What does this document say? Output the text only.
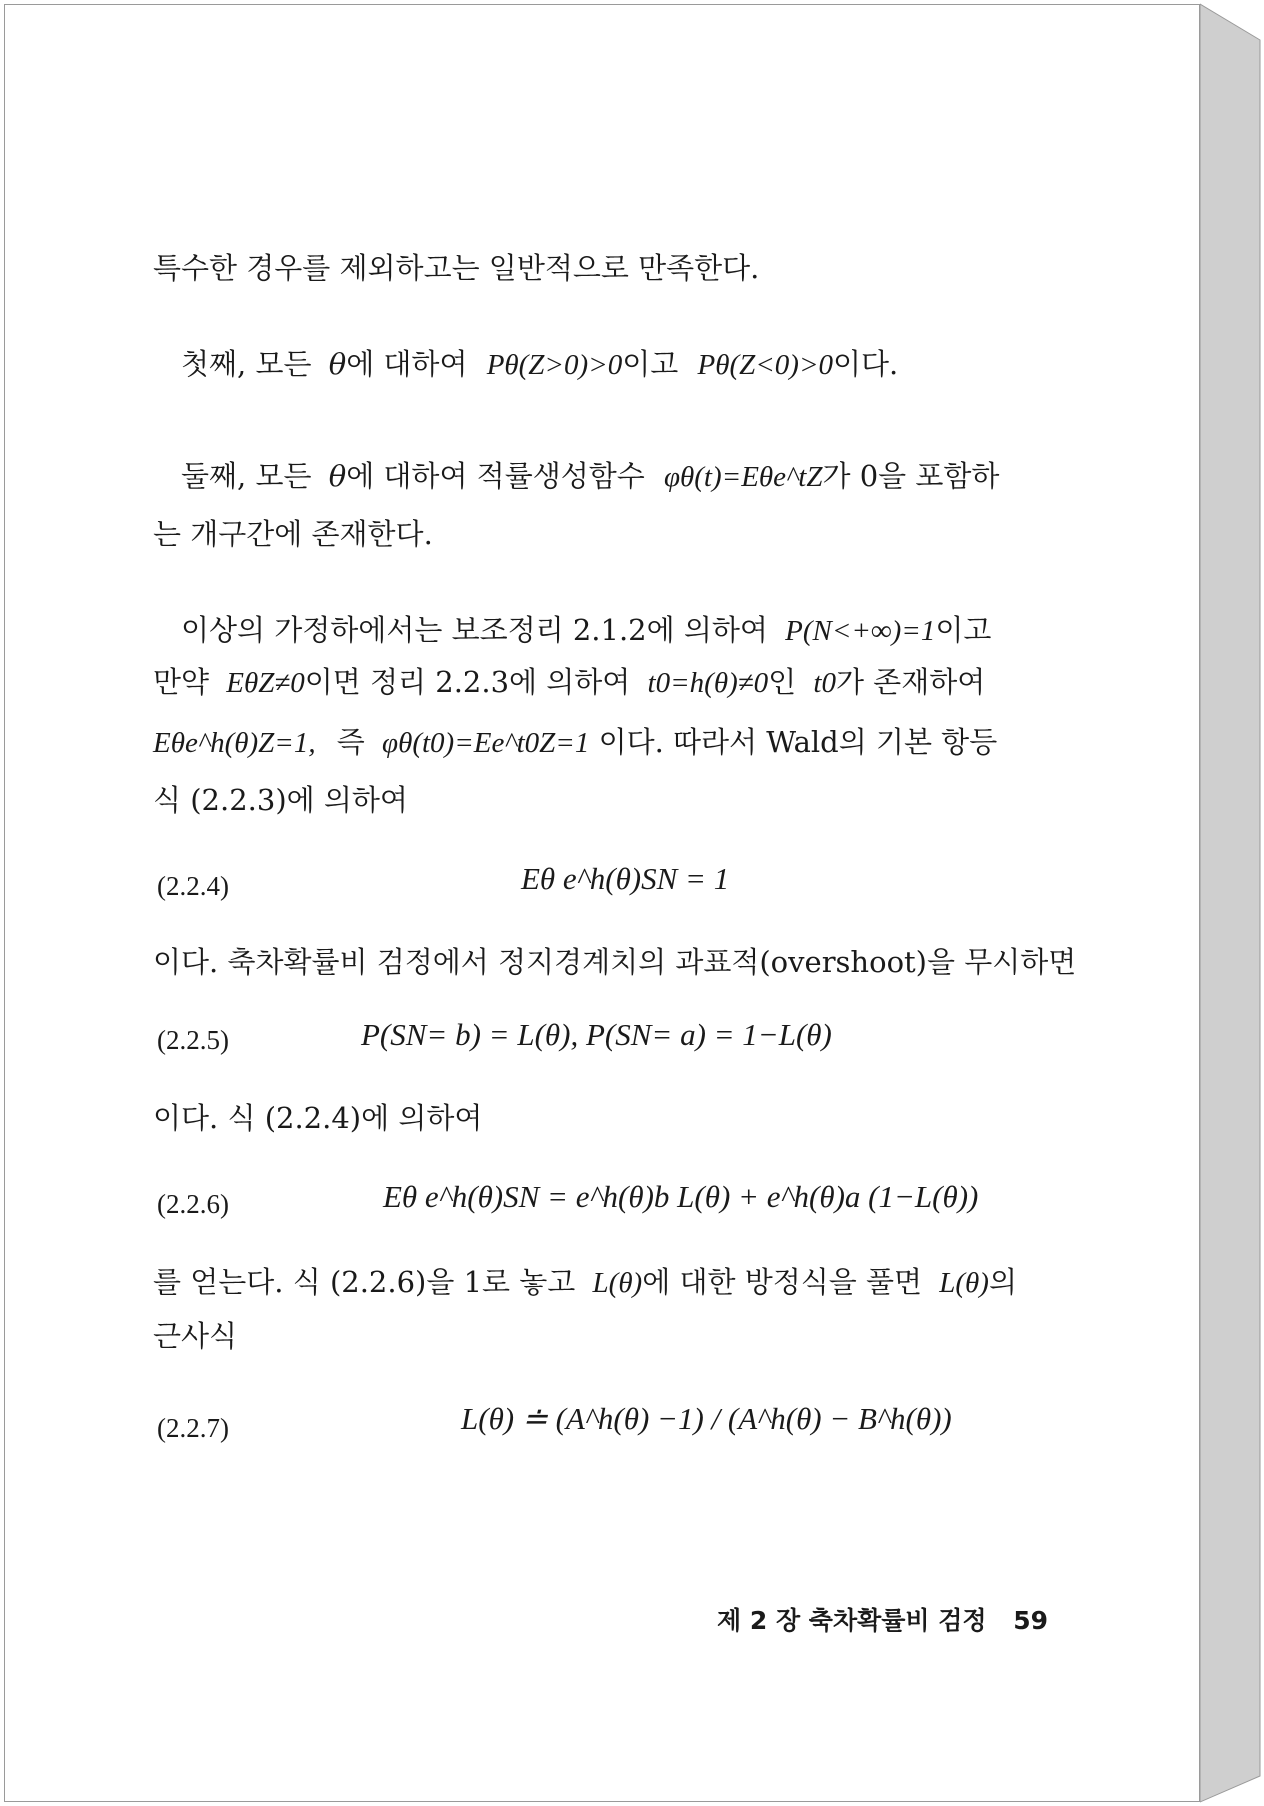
특수한 경우를 제외하고는 일반적으로 만족한다.
첫째, 모든 θ에 대하여 Pθ(Z>0)>0이고 Pθ(Z<0)>0이다.
둘째, 모든 θ에 대하여 적률생성함수 φθ(t)=Eθe^tZ가 0을 포함하
는 개구간에 존재한다.
이상의 가정하에서는 보조정리 2.1.2에 의하여 P(N<+∞)=1이고
만약 EθZ≠0이면 정리 2.2.3에 의하여 t0=h(θ)≠0인 t0가 존재하여
Eθe^h(θ)Z=1, 즉 φθ(t0)=Ee^t0Z=1 이다. 따라서 Wald의 기본 항등
식 (2.2.3)에 의하여
(2.2.4)	Eθ e^h(θ)SN = 1
이다. 축차확률비 검정에서 정지경계치의 과표적(overshoot)을 무시하면
(2.2.5)	P(SN= b) = L(θ), P(SN= a) = 1−L(θ)
이다. 식 (2.2.4)에 의하여
(2.2.6)	Eθ e^h(θ)SN = e^h(θ)b L(θ) + e^h(θ)a (1−L(θ))
를 얻는다. 식 (2.2.6)을 1로 놓고 L(θ)에 대한 방정식을 풀면 L(θ)의
근사식
(2.2.7)	L(θ) ≐ (A^h(θ) −1) / (A^h(θ) − B^h(θ))
제 2 장 축차확률비 검정 59
